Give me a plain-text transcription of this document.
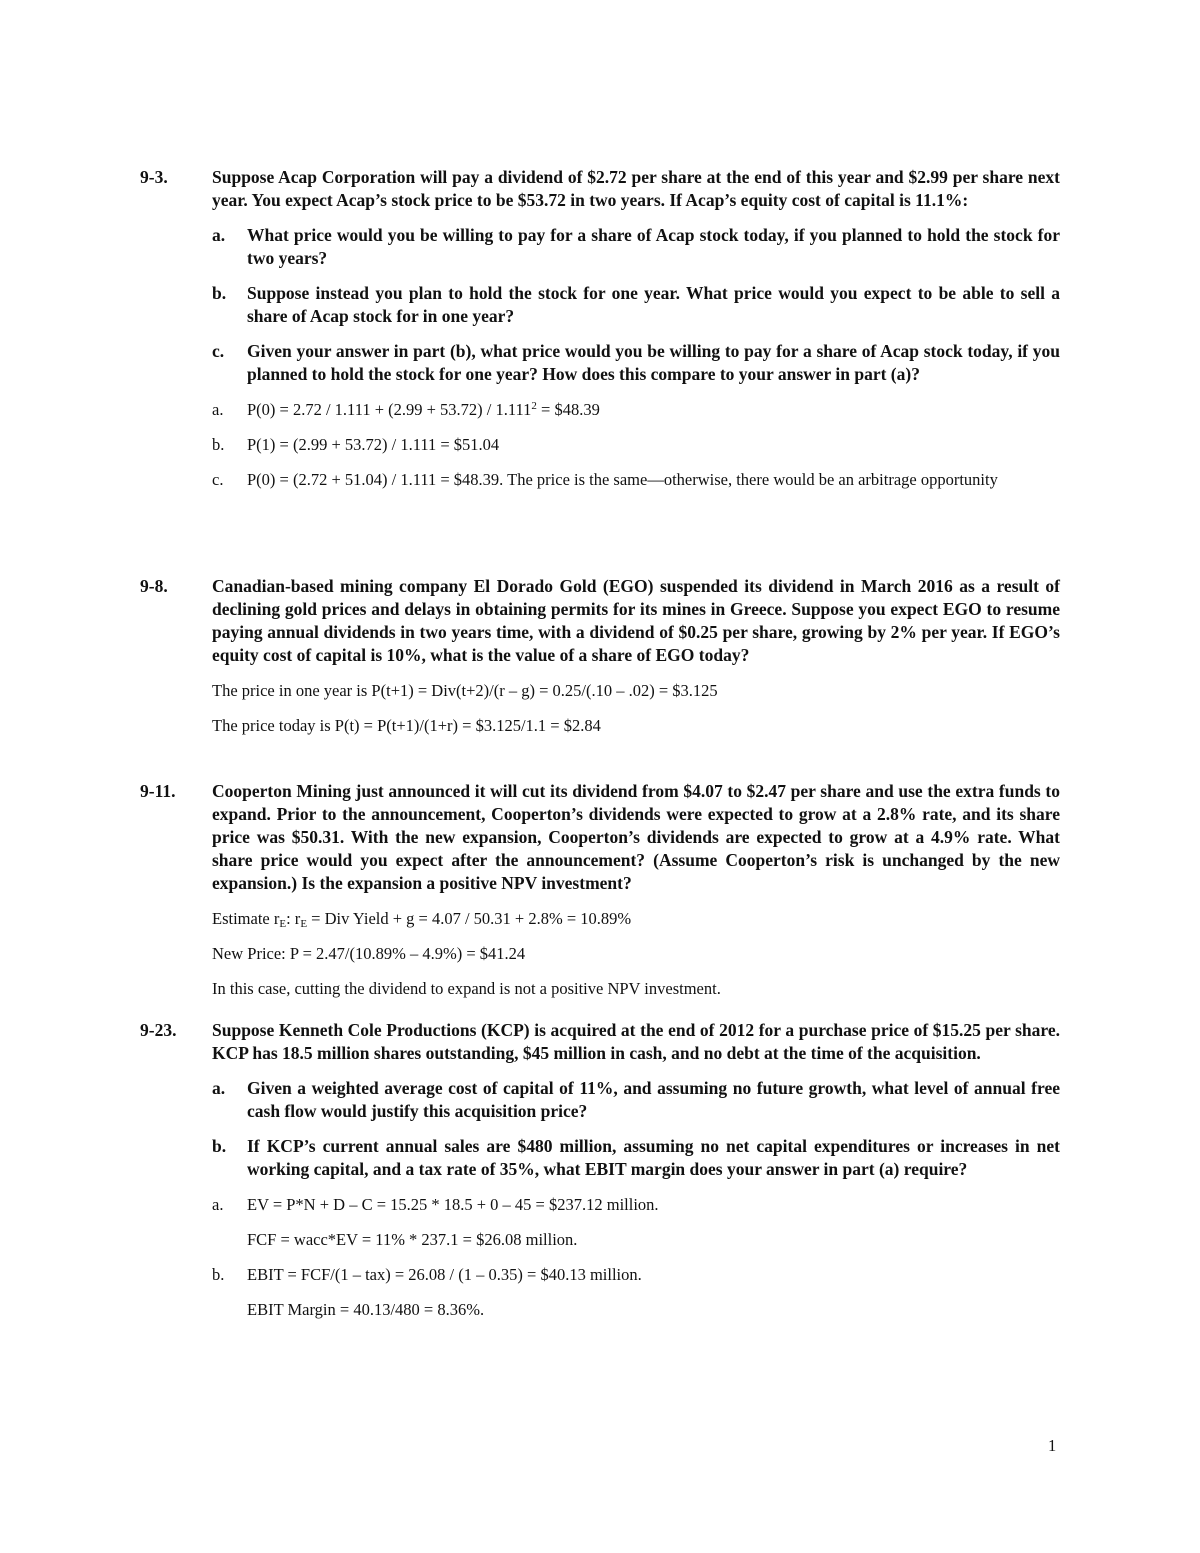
9-3.	Suppose Acap Corporation will pay a dividend of $2.72 per share at the end of this year and $2.99 per share next year. You expect Acap’s stock price to be $53.72 in two years. If Acap’s equity cost of capital is 11.1%:

a. What price would you be willing to pay for a share of Acap stock today, if you planned to hold the stock for two years?
b. Suppose instead you plan to hold the stock for one year. What price would you expect to be able to sell a share of Acap stock for in one year?
c. Given your answer in part (b), what price would you be willing to pay for a share of Acap stock today, if you planned to hold the stock for one year? How does this compare to your answer in part (a)?
a. $P(0) = 2.72 / 1.111 + (2.99 + 53.72) / 1.111^2$ = $48.39
b. P(1) = (2.99 + 53.72) / 1.111 = $51.04
c. P(0) = (2.72 + 51.04) / 1.111 = $48.39. The price is the same—otherwise, there would be an arbitrage opportunity
9-8.	Canadian-based mining company El Dorado Gold (EGO) suspended its dividend in March 2016 as a result of declining gold prices and delays in obtaining permits for its mines in Greece. Suppose you expect EGO to resume paying annual dividends in two years time, with a dividend of $0.25 per share, growing by 2% per year. If EGO’s equity cost of capital is 10%, what is the value of a share of EGO today?

The price in one year is P(t+1) = Div(t+2)/(r – g) = 0.25/(.10 – .02) = $3.125

The price today is P(t) = P(t+1)/(1+r) = $3.125/1.1 = $2.84

9-11. Cooperton Mining just announced it will cut its dividend from $4.07 to $2.47 per share and use the extra funds to expand. Prior to the announcement, Cooperton’s dividends were expected to grow at a 2.8% rate, and its share price was $50.31. With the new expansion, Cooperton’s dividends are expected to grow at a 4.9% rate. What share price would you expect after the announcement? (Assume Cooperton’s risk is unchanged by the new expansion.) Is the expansion a positive NPV investment?

Estimate $r_E$: $r_E$ = Div Yield + g = 4.07 / 50.31 + 2.8% = 10.89%

New Price: P = 2.47/(10.89% – 4.9%) = $41.24

In this case, cutting the dividend to expand is not a positive NPV investment.

9-23. Suppose Kenneth Cole Productions (KCP) is acquired at the end of 2012 for a purchase price of $15.25 per share. KCP has 18.5 million shares outstanding, $45 million in cash, and no debt at the time of the acquisition.

a. Given a weighted average cost of capital of 11%, and assuming no future growth, what level of annual free cash flow would justify this acquisition price?
b. If KCP’s current annual sales are $480 million, assuming no net capital expenditures or increases in net working capital, and a tax rate of 35%, what EBIT margin does your answer in part (a) require?
a. EV = P*N + D – C = 15.25 * 18.5 + 0 – 45 = $237.12 million.
FCF = wacc*EV = 11% * 237.1 = $26.08 million.
b. EBIT = FCF/(1 – tax) = 26.08 / (1 – 0.35) = $40.13 million.
EBIT Margin = 40.13/480 = 8.36%.
1
